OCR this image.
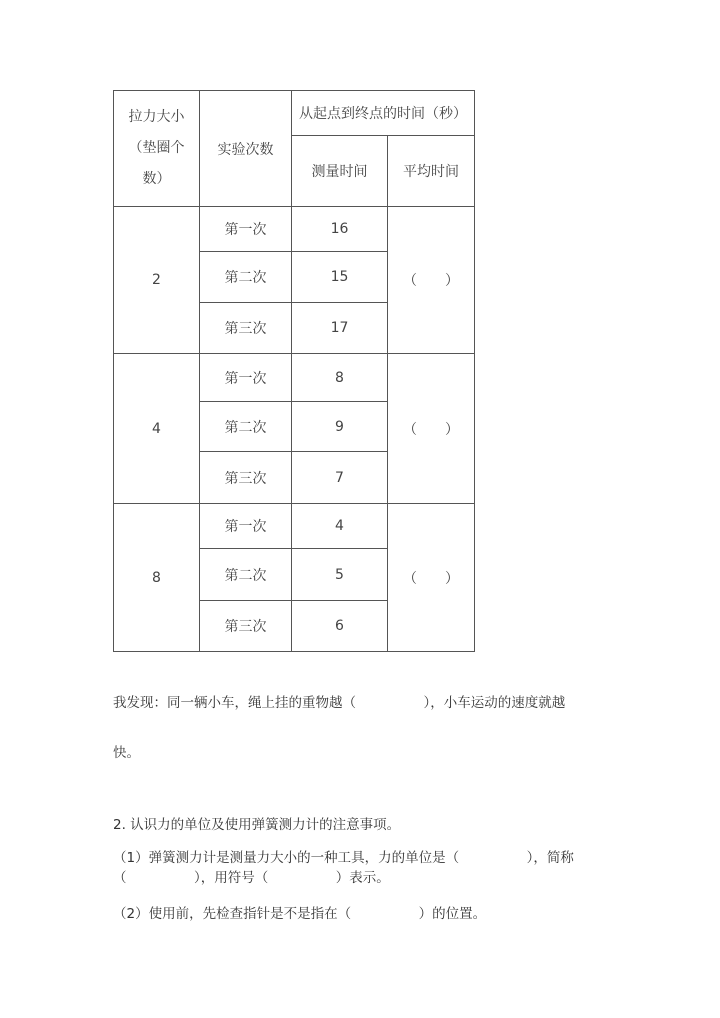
拉力大小
（垫圈个
数）	实验次数	从起点到终点的时间（秒）	
		测量时间	平均时间
2	第一次	16	（　　）
	第二次	15	
	第三次	17	
4	第一次	8	（　　）
	第二次	9	
	第三次	7	
8	第一次	4	（　　）
	第二次	5	
	第三次	6	
我发现：同一辆小车，绳上挂的重物越（　　　　　），小车运动的速度就越
快。
2. 认识力的单位及使用弹簧测力计的注意事项。
（1）弹簧测力计是测量力大小的一种工具，力的单位是（　　　　　），简称
（　　　　　），用符号（　　　　　）表示。
（2）使用前，先检查指针是不是指在（　　　　　）的位置。
